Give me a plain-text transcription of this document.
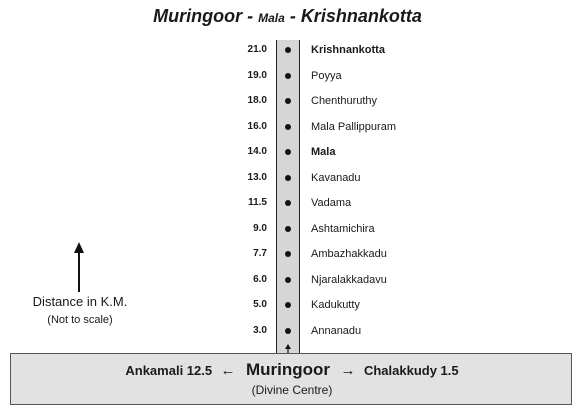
Muringoor - Mala - Krishnankotta
21.0	Krishnankotta
19.0	Poyya
18.0	Chenthuruthy
16.0	Mala Pallippuram
14.0	Mala
13.0	Kavanadu
11.5	Vadama
9.0	Ashtamichira
7.7	Ambazhakkadu
6.0	Njaralakkadavu
5.0	Kadukutty
3.0	Annanadu
Distance in K.M.
(Not to scale)
Ankamali 12.5 ← Muringoor → Chalakkudy 1.5
(Divine Centre)
